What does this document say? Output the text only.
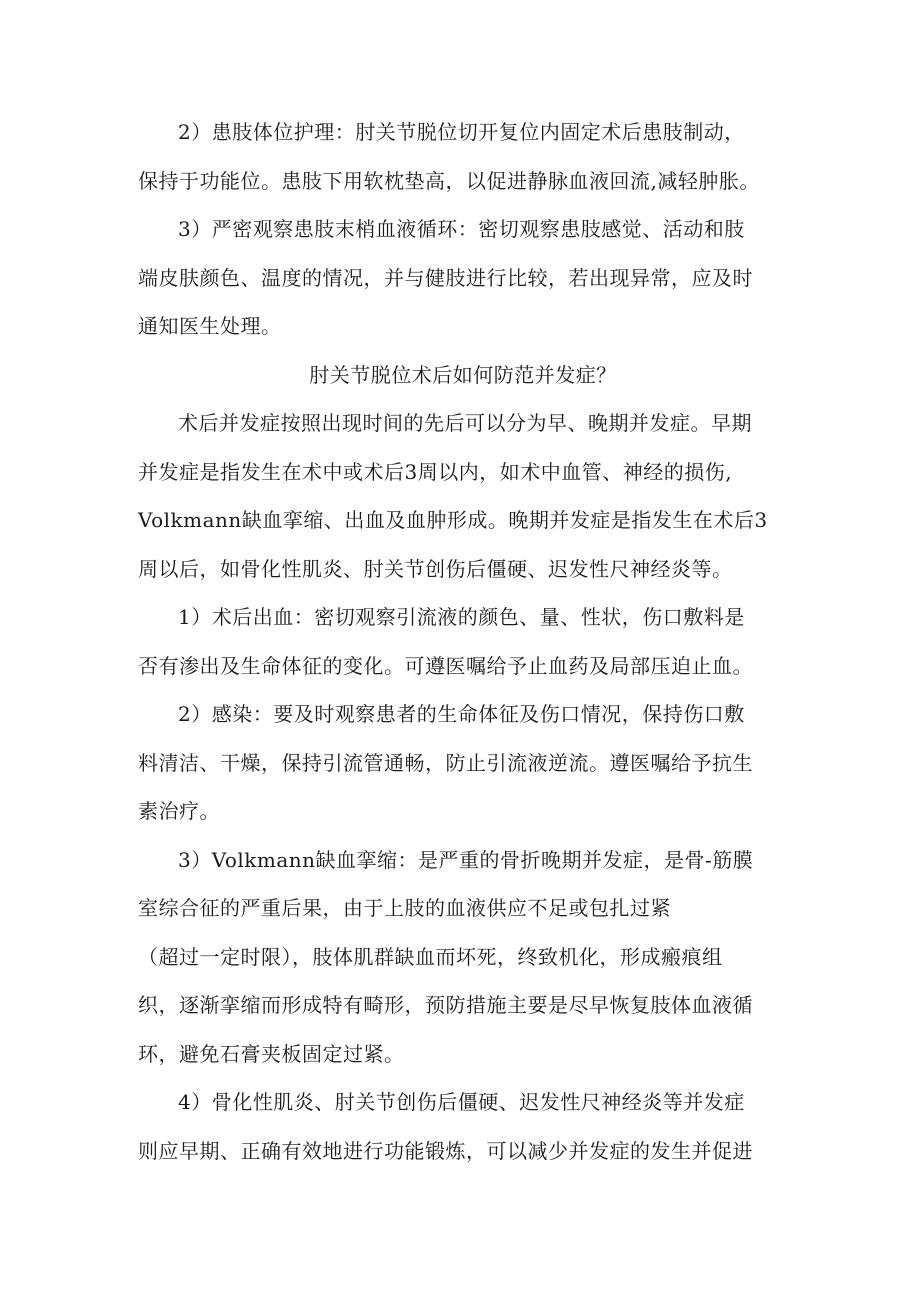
2）患肢体位护理：肘关节脱位切开复位内固定术后患肢制动，
保持于功能位。患肢下用软枕垫高，以促进静脉血液回流,减轻肿胀。
3）严密观察患肢末梢血液循环：密切观察患肢感觉、活动和肢
端皮肤颜色、温度的情况，并与健肢进行比较，若出现异常，应及时
通知医生处理。
肘关节脱位术后如何防范并发症？
术后并发症按照出现时间的先后可以分为早、晚期并发症。早期
并发症是指发生在术中或术后3周以内，如术中血管、神经的损伤,
Volkmann缺血挛缩、出血及血肿形成。晚期并发症是指发生在术后3
周以后，如骨化性肌炎、肘关节创伤后僵硬、迟发性尺神经炎等。
1）术后出血：密切观察引流液的颜色、量、性状，伤口敷料是
否有渗出及生命体征的变化。可遵医嘱给予止血药及局部压迫止血。
2）感染：要及时观察患者的生命体征及伤口情况，保持伤口敷
料清洁、干燥，保持引流管通畅，防止引流液逆流。遵医嘱给予抗生
素治疗。
3）Volkmann缺血挛缩：是严重的骨折晚期并发症，是骨-筋膜
室综合征的严重后果，由于上肢的血液供应不足或包扎过紧
（超过一定时限），肢体肌群缺血而坏死，终致机化，形成瘢痕组
织，逐渐挛缩而形成特有畸形，预防措施主要是尽早恢复肢体血液循
环，避免石膏夹板固定过紧。
4）骨化性肌炎、肘关节创伤后僵硬、迟发性尺神经炎等并发症
则应早期、正确有效地进行功能锻炼，可以减少并发症的发生并促进
